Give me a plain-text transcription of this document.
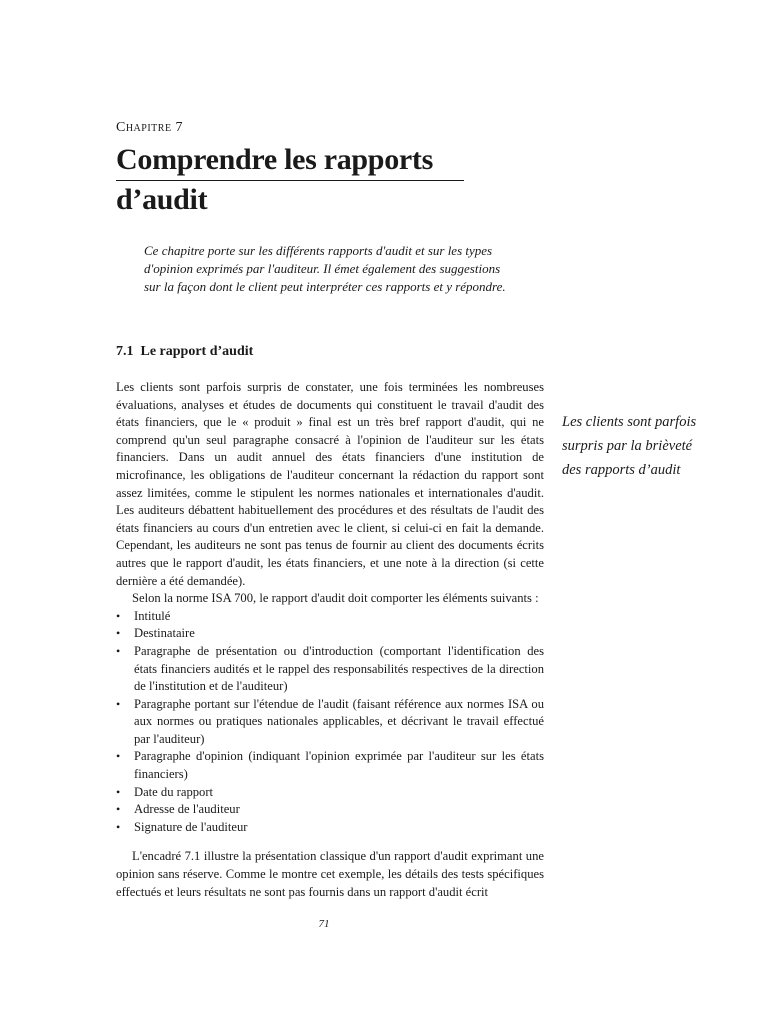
Chapitre 7
Comprendre les rapports d’audit
Ce chapitre porte sur les différents rapports d'audit et sur les types d'opinion exprimés par l'auditeur. Il émet également des suggestions sur la façon dont le client peut interpréter ces rapports et y répondre.
7.1 Le rapport d’audit

Les clients sont parfois surpris de constater, une fois terminées les nombreuses évaluations, analyses et études de documents qui constituent le travail d'audit des états financiers, que le « produit » final est un très bref rapport d'audit, qui ne comprend qu'un seul paragraphe consacré à l'opinion de l'auditeur sur les états financiers. Dans un audit annuel des états financiers d'une institution de microfinance, les obligations de l'auditeur concernant la rédaction du rapport sont assez limitées, comme le stipulent les normes nationales et internationales d'audit. Les auditeurs débattent habituellement des procédures et des résultats de l'audit des états financiers au cours d'un entretien avec le client, si celui-ci en fait la demande. Cependant, les auditeurs ne sont pas tenus de fournir au client des documents écrits autres que le rapport d'audit, les états financiers, et une note à la direction (si cette dernière a été demandée).

Selon la norme ISA 700, le rapport d'audit doit comporter les éléments suivants :

• Intitulé
• Destinataire
• Paragraphe de présentation ou d'introduction (comportant l'identification des états financiers audités et le rappel des responsabilités respectives de la direction de l'institution et de l'auditeur)
• Paragraphe portant sur l'étendue de l'audit (faisant référence aux normes ISA ou aux normes ou pratiques nationales applicables, et décrivant le travail effectué par l'auditeur)
• Paragraphe d'opinion (indiquant l'opinion exprimée par l'auditeur sur les états financiers)
• Date du rapport
• Adresse de l'auditeur
• Signature de l'auditeur

L'encadré 7.1 illustre la présentation classique d'un rapport d'audit exprimant une opinion sans réserve. Comme le montre cet exemple, les détails des tests spécifiques effectués et leurs résultats ne sont pas fournis dans un rapport d'audit écrit

Les clients sont parfois surpris par la brièveté des rapports d’audit
71
